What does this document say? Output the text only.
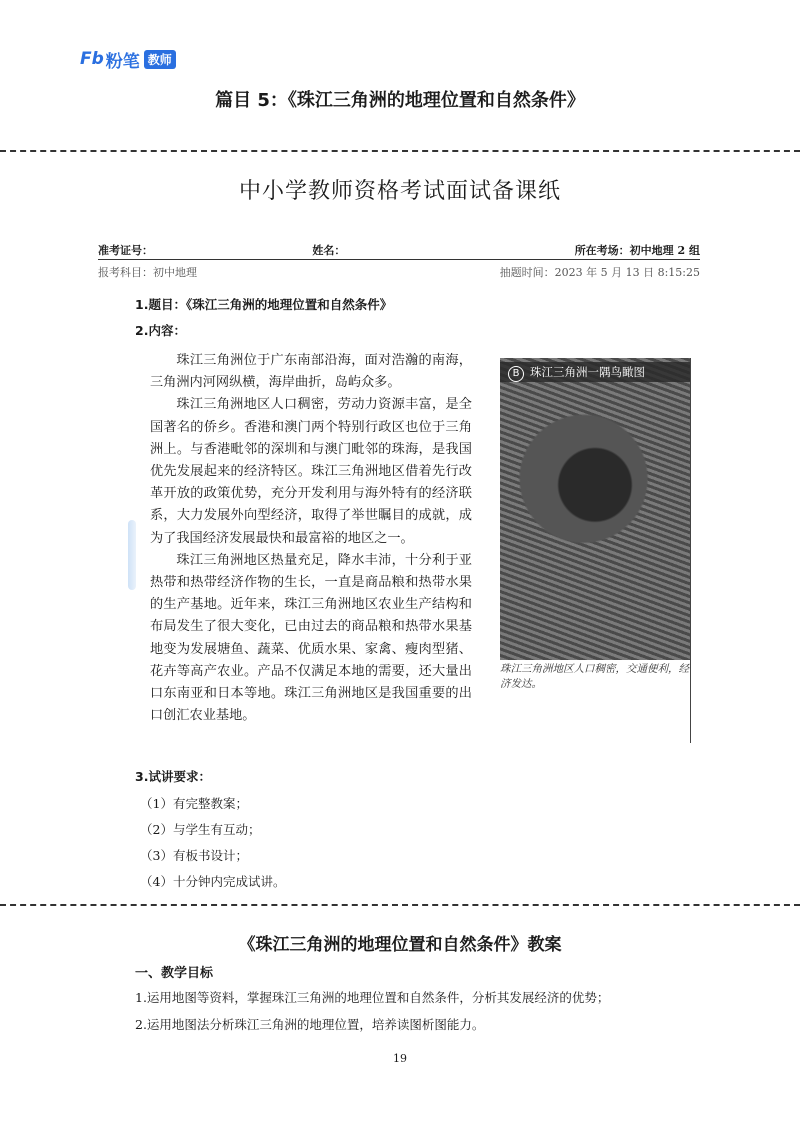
Fb 粉笔 教师
篇目 5：《珠江三角洲的地理位置和自然条件》
中小学教师资格考试面试备课纸
准考证号：	姓名：	所在考场：初中地理 2 组
报考科目：初中地理	抽题时间：2023 年 5 月 13 日 8:15:25
1.题目：《珠江三角洲的地理位置和自然条件》
2.内容：

珠江三角洲位于广东南部沿海，面对浩瀚的南海，三角洲内河网纵横，海岸曲折，岛屿众多。

珠江三角洲地区人口稠密，劳动力资源丰富，是全国著名的侨乡。香港和澳门两个特别行政区也位于三角洲上。与香港毗邻的深圳和与澳门毗邻的珠海，是我国优先发展起来的经济特区。珠江三角洲地区借着先行改革开放的政策优势，充分开发利用与海外特有的经济联系，大力发展外向型经济，取得了举世瞩目的成就，成为了我国经济发展最快和最富裕的地区之一。

珠江三角洲地区热量充足，降水丰沛，十分利于亚热带和热带经济作物的生长，一直是商品粮和热带水果的生产基地。近年来，珠江三角洲地区农业生产结构和布局发生了很大变化，已由过去的商品粮和热带水果基地变为发展塘鱼、蔬菜、优质水果、家禽、瘦肉型猪、花卉等高产农业。产品不仅满足本地的需要，还大量出口东南亚和日本等地。珠江三角洲地区是我国重要的出口创汇农业基地。

B 珠江三角洲一隅鸟瞰图
珠江三角洲地区人口稠密，交通便利，经济发达。
3.试讲要求：
（1）有完整教案；
（2）与学生有互动；
（3）有板书设计；
（4）十分钟内完成试讲。
《珠江三角洲的地理位置和自然条件》教案
一、教学目标
1.运用地图等资料，掌握珠江三角洲的地理位置和自然条件，分析其发展经济的优势；
2.运用地图法分析珠江三角洲的地理位置，培养读图析图能力。
19
